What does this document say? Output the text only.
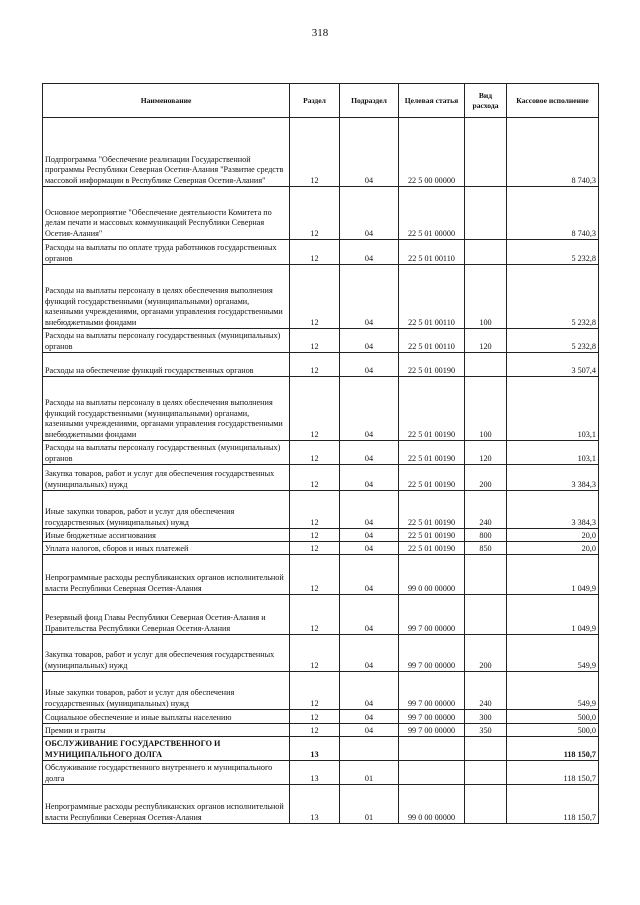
318
Наименование	Раздел	Подраздел	Целевая статья	Вид расхода	Кассовое исполнение
Подпрограмма "Обеспечение реализации Государственной программы Республики Северная Осетия-Алания "Развитие средств массовой информации в Республике Северная Осетия-Алания"	12	04	22 5 00 00000		8 740,3
Основное мероприятие "Обеспечение деятельности Комитета по делам печати и массовых коммуникаций Республики Северная Осетия-Алания"	12	04	22 5 01 00000		8 740,3
Расходы на выплаты по оплате труда работников государственных органов	12	04	22 5 01 00110		5 232,8
Расходы на выплаты персоналу в целях обеспечения выполнения функций государственными (муниципальными) органами, казенными учреждениями, органами управления государственными внебюджетными фондами	12	04	22 5 01 00110	100	5 232,8
Расходы на выплаты персоналу государственных (муниципальных) органов	12	04	22 5 01 00110	120	5 232,8
Расходы на обеспечение функций государственных органов	12	04	22 5 01 00190		3 507,4
Расходы на выплаты персоналу в целях обеспечения выполнения функций государственными (муниципальными) органами, казенными учреждениями, органами управления государственными внебюджетными фондами	12	04	22 5 01 00190	100	103,1
Расходы на выплаты персоналу государственных (муниципальных) органов	12	04	22 5 01 00190	120	103,1
Закупка товаров, работ и услуг для обеспечения государственных (муниципальных) нужд	12	04	22 5 01 00190	200	3 384,3
Иные закупки товаров, работ и услуг для обеспечения государственных (муниципальных) нужд	12	04	22 5 01 00190	240	3 384,3
Иные бюджетные ассигнования	12	04	22 5 01 00190	800	20,0
Уплата налогов, сборов и иных платежей	12	04	22 5 01 00190	850	20,0
Непрограммные расходы республиканских органов исполнительной власти Республики Северная Осетия-Алания	12	04	99 0 00 00000		1 049,9
Резервный фонд Главы Республики Северная Осетия-Алания и Правительства Республики Северная Осетия-Алания	12	04	99 7 00 00000		1 049,9
Закупка товаров, работ и услуг для обеспечения государственных (муниципальных) нужд	12	04	99 7 00 00000	200	549,9
Иные закупки товаров, работ и услуг для обеспечения государственных (муниципальных) нужд	12	04	99 7 00 00000	240	549,9
Социальное обеспечение и иные выплаты населению	12	04	99 7 00 00000	300	500,0
Премии и гранты	12	04	99 7 00 00000	350	500,0
ОБСЛУЖИВАНИЕ ГОСУДАРСТВЕННОГО И МУНИЦИПАЛЬНОГО ДОЛГА	13				118 150,7
Обслуживание государственного внутреннего и муниципального долга	13	01			118 150,7
Непрограммные расходы республиканских органов исполнительной власти Республики Северная Осетия-Алания	13	01	99 0 00 00000		118 150,7
